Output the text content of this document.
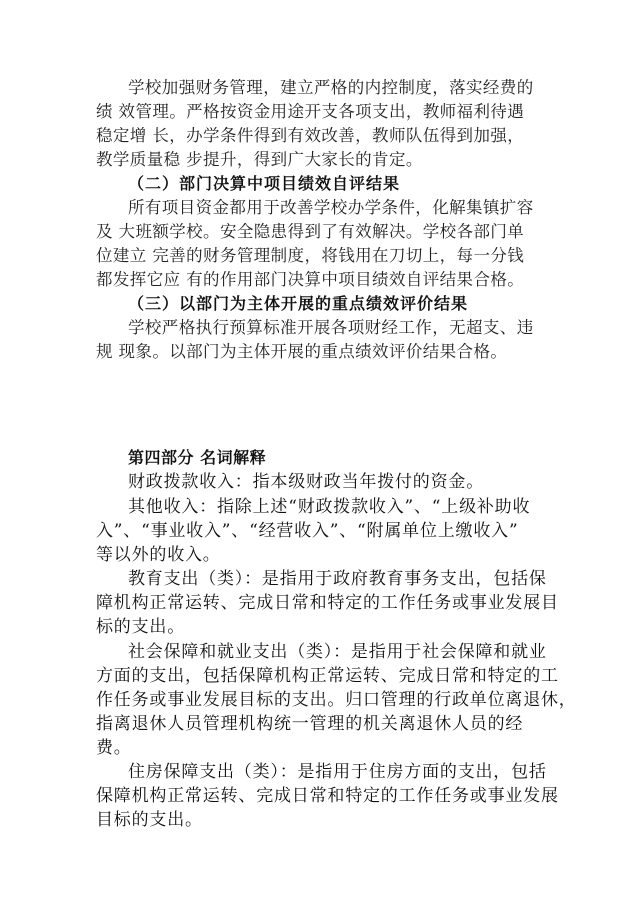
学校加强财务管理，建立严格的内控制度，落实经费的
绩 效管理。严格按资金用途开支各项支出，教师福利待遇
稳定增 长，办学条件得到有效改善，教师队伍得到加强，
教学质量稳 步提升，得到广大家长的肯定。
（二）部门决算中项目绩效自评结果
所有项目资金都用于改善学校办学条件，化解集镇扩容
及 大班额学校。安全隐患得到了有效解决。学校各部门单
位建立 完善的财务管理制度，将钱用在刀切上，每一分钱
都发挥它应 有的作用部门决算中项目绩效自评结果合格。
（三）以部门为主体开展的重点绩效评价结果
学校严格执行预算标准开展各项财经工作，无超支、违
规 现象。以部门为主体开展的重点绩效评价结果合格。
第四部分 名词解释
财政拨款收入：指本级财政当年拨付的资金。
其他收入：指除上述“财政拨款收入”、“上级补助收
入”、“事业收入”、“经营收入”、“附属单位上缴收入”
等以外的收入。
教育支出（类）：是指用于政府教育事务支出，包括保
障机构正常运转、完成日常和特定的工作任务或事业发展目
标的支出。
社会保障和就业支出（类）：是指用于社会保障和就业
方面的支出，包括保障机构正常运转、完成日常和特定的工
作任务或事业发展目标的支出。归口管理的行政单位离退休，
指离退休人员管理机构统一管理的机关离退休人员的经
费。
住房保障支出（类）：是指用于住房方面的支出，包括
保障机构正常运转、完成日常和特定的工作任务或事业发展
目标的支出。
